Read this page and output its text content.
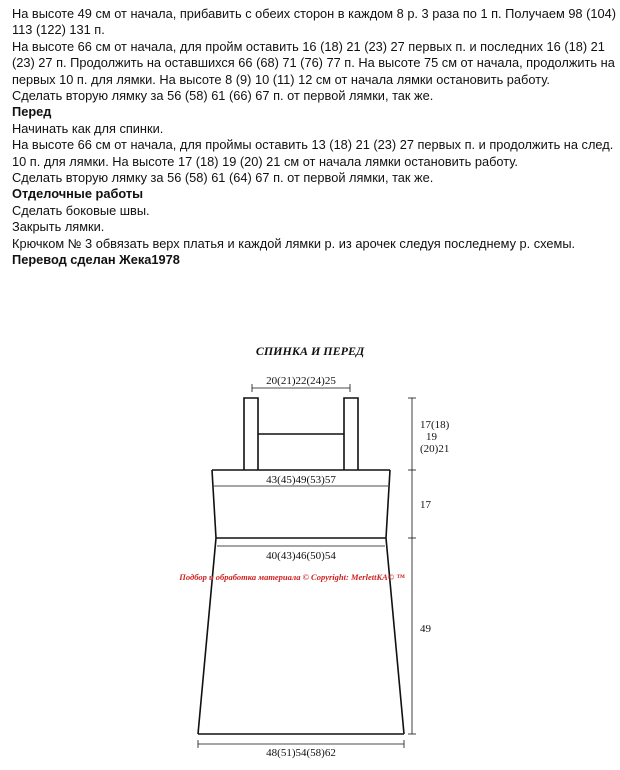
На высоте 49 см от начала, прибавить с обеих сторон в каждом 8 р. 3 раза по 1 п. Получаем 98 (104) 113 (122) 131 п.

На высоте 66 см от начала, для пройм оставить 16 (18) 21 (23) 27 первых п. и последних 16 (18) 21 (23) 27 п. Продолжить на оставшихся 66 (68) 71 (76) 77 п. На высоте 75 см от начала, продолжить на первых 10 п. для лямки. На высоте 8 (9) 10 (11) 12 см от начала лямки остановить работу.

Сделать вторую лямку за 56 (58) 61 (66) 67 п. от первой лямки, так же.

Перед

Начинать как для спинки.

На высоте 66 см от начала, для проймы оставить 13 (18) 21 (23) 27 первых п. и продолжить на след. 10 п. для лямки. На высоте 17 (18) 19 (20) 21 см от начала лямки остановить работу.

Сделать вторую лямку за 56 (58) 61 (64) 67 п. от первой лямки, так же.

Отделочные работы

Сделать боковые швы.

Закрыть лямки.

Крючком № 3 обвязать верх платья и каждой лямки р. из арочек следуя последнему р. схемы.

Перевод сделан Жека1978

СПИНКА И ПЕРЕД
20(21)22(24)25
43(45)49(53)57
40(43)46(50)54
48(51)54(58)62
17(18)
19
(20)21
17
49
Подбор и обработка материала © Copyright: MerlettKA© ™
